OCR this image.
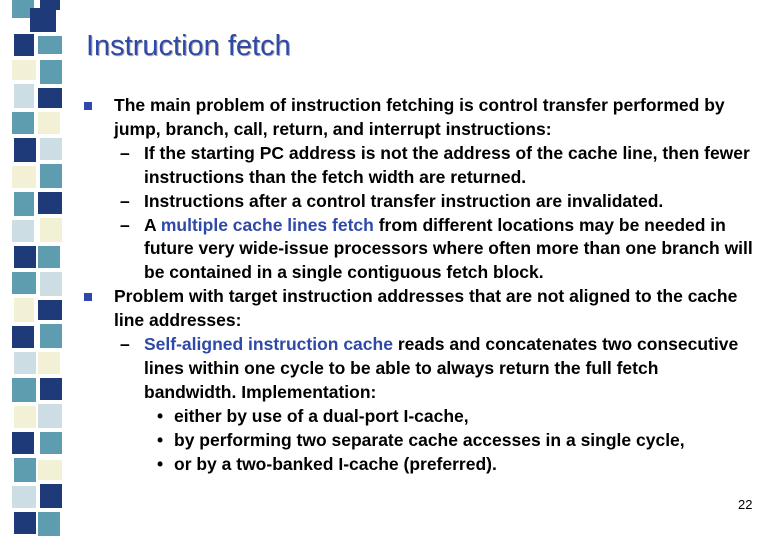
Instruction fetch
The main problem of instruction fetching is control transfer performed by jump, branch, call, return, and interrupt instructions:
– If the starting PC address is not the address of the cache line, then fewer instructions than the fetch width are returned.
– Instructions after a control transfer instruction are invalidated.
– A multiple cache lines fetch from different locations may be needed in future very wide-issue processors where often more than one branch will be contained in a single contiguous fetch block.
Problem with target instruction addresses that are not aligned to the cache line addresses:
– Self-aligned instruction cache reads and concatenates two consecutive lines within one cycle to be able to always return the full fetch bandwidth. Implementation:
• either by use of a dual-port I-cache,
• by performing two separate cache accesses in a single cycle,
• or by a two-banked I-cache (preferred).
22
